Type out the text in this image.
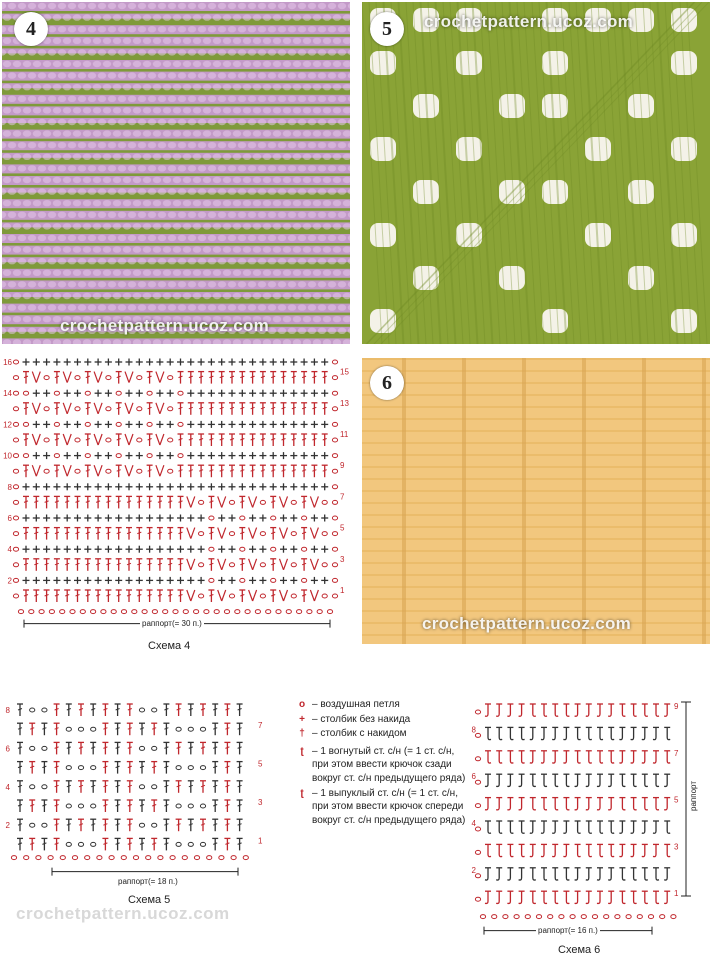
4
crochetpattern.ucoz.com
5	crochetpattern.ucoz.com
6
crochetpattern.ucoz.com
16
14
12
10
8
6
4
2
15
13
11
9
7
5
3
1
раппорт(= 30 п.)
Схема 4
8
6
4
2
7
5
3
1
раппорт(= 18 п.)
Схема 5
o – воздушная петля
+ – столбик без накида
† – столбик с накидом
ʈ – 1 вогнутый ст. с/н (= 1 ст. с/н, при этом ввести крючок сзади вокруг ст. с/н предыдущего ряда)
ʈ – 1 выпуклый ст. с/н (= 1 ст. с/н, при этом ввести крючок спереди вокруг ст. с/н предыдущего ряда)
8
6
4
2
9
7
5
3
1
раппорт
раппорт(= 16 п.)
Схема 6
crochetpattern.ucoz.com
